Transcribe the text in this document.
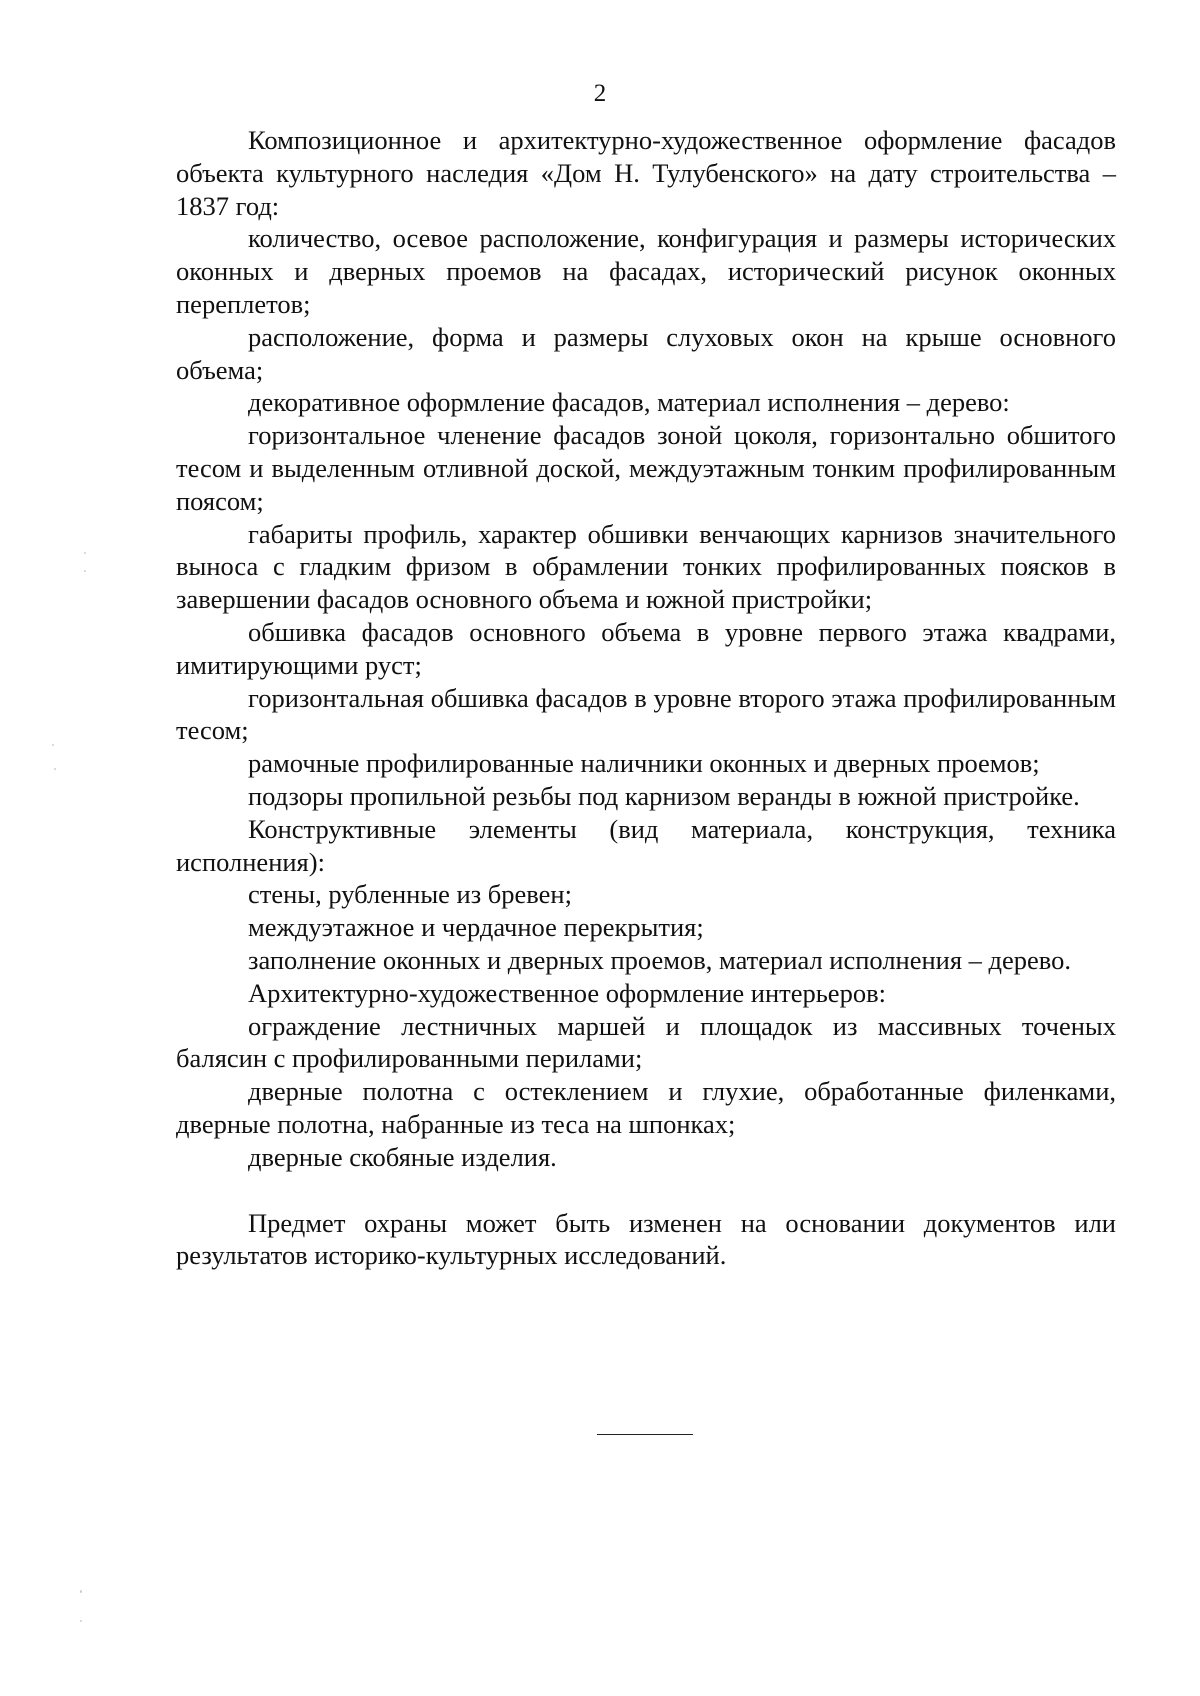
2

Композиционное и архитектурно-художественное оформление фасадов объекта культурного наследия «Дом Н. Тулубенского» на дату строительства – 1837 год:

количество, осевое расположение, конфигурация и размеры исторических оконных и дверных проемов на фасадах, исторический рисунок оконных переплетов;

расположение, форма и размеры слуховых окон на крыше основного объема;

декоративное оформление фасадов, материал исполнения – дерево:

горизонтальное членение фасадов зоной цоколя, горизонтально обшитого тесом и выделенным отливной доской, междуэтажным тонким профилированным поясом;

габариты профиль, характер обшивки венчающих карнизов значительного выноса с гладким фризом в обрамлении тонких профилированных поясков в завершении фасадов основного объема и южной пристройки;

обшивка фасадов основного объема в уровне первого этажа квадрами, имитирующими руст;

горизонтальная обшивка фасадов в уровне второго этажа профилированным тесом;

рамочные профилированные наличники оконных и дверных проемов;

подзоры пропильной резьбы под карнизом веранды в южной пристройке.

Конструктивные элементы (вид материала, конструкция, техника исполнения):

стены, рубленные из бревен;

междуэтажное и чердачное перекрытия;

заполнение оконных и дверных проемов, материал исполнения – дерево.

Архитектурно-художественное оформление интерьеров:

ограждение лестничных маршей и площадок из массивных точеных балясин с профилированными перилами;

дверные полотна с остеклением и глухие, обработанные филенками, дверные полотна, набранные из теса на шпонках;

дверные скобяные изделия.

Предмет охраны может быть изменен на основании документов или результатов историко-культурных исследований.
